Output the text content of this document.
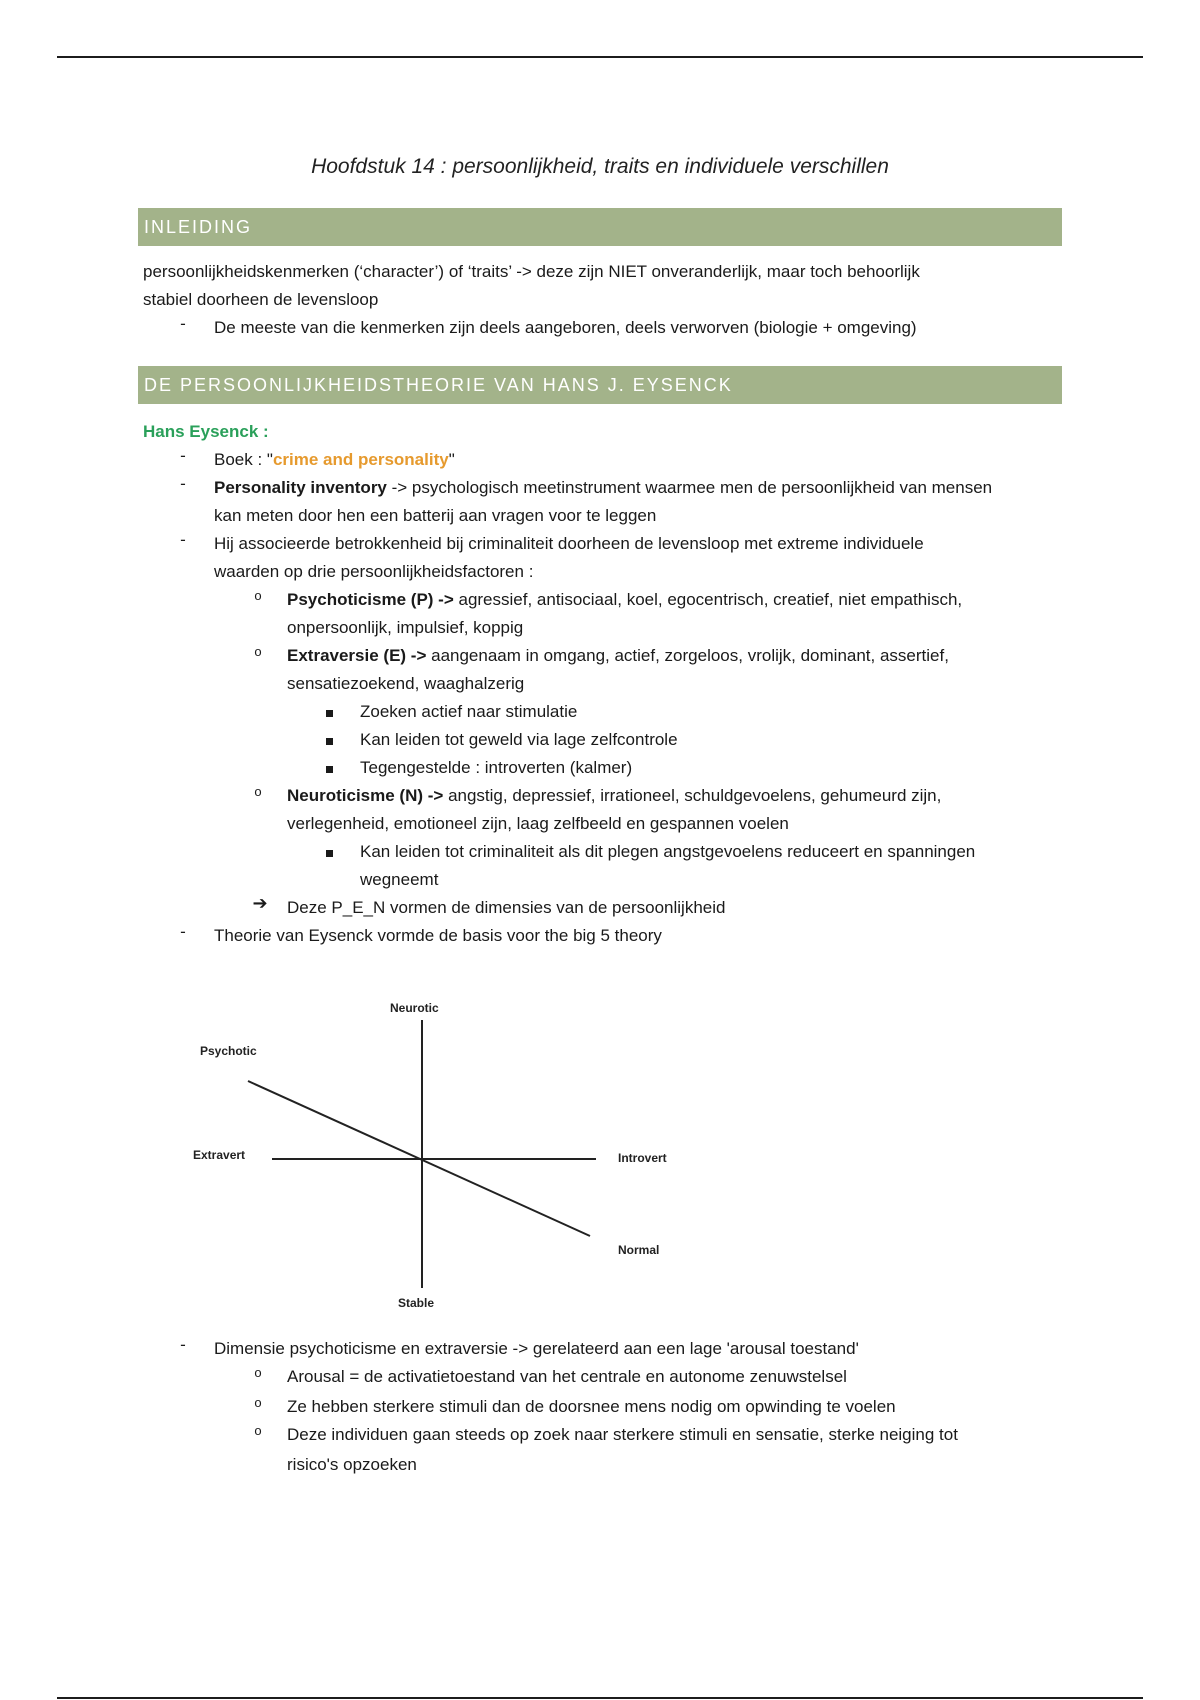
Hoofdstuk 14 : persoonlijkheid, traits en individuele verschillen
INLEIDING
persoonlijkheidskenmerken (‘character’) of ‘traits’ -> deze zijn NIET onveranderlijk, maar toch behoorlijk
stabiel doorheen de levensloop
-	De meeste van die kenmerken zijn deels aangeboren, deels verworven (biologie + omgeving)
DE PERSOONLIJKHEIDSTHEORIE VAN HANS J. EYSENCK
Hans Eysenck :
-	Boek : "crime and personality"
-	Personality inventory -> psychologisch meetinstrument waarmee men de persoonlijkheid van mensen
kan meten door hen een batterij aan vragen voor te leggen
-	Hij associeerde betrokkenheid bij criminaliteit doorheen de levensloop met extreme individuele
waarden op drie persoonlijkheidsfactoren :
o	Psychoticisme (P) -> agressief, antisociaal, koel, egocentrisch, creatief, niet empathisch,
onpersoonlijk, impulsief, koppig
o	Extraversie (E) -> aangenaam in omgang, actief, zorgeloos, vrolijk, dominant, assertief,
sensatiezoekend, waaghalzerig
Zoeken actief naar stimulatie
Kan leiden tot geweld via lage zelfcontrole
Tegengestelde : introverten (kalmer)
o	Neuroticisme (N) -> angstig, depressief, irrationeel, schuldgevoelens, gehumeurd zijn,
verlegenheid, emotioneel zijn, laag zelfbeeld en gespannen voelen
Kan leiden tot criminaliteit als dit plegen angstgevoelens reduceert en spanningen
wegneemt
➔ Deze P_E_N vormen de dimensies van de persoonlijkheid
-	Theorie van Eysenck vormde de basis voor the big 5 theory
Neurotic
Psychotic
Extravert	Introvert
Normal
Stable
-	Dimensie psychoticisme en extraversie -> gerelateerd aan een lage 'arousal toestand'
o	Arousal = de activatietoestand van het centrale en autonome zenuwstelsel
o	Ze hebben sterkere stimuli dan de doorsnee mens nodig om opwinding te voelen
o	Deze individuen gaan steeds op zoek naar sterkere stimuli en sensatie, sterke neiging tot
risico's opzoeken
